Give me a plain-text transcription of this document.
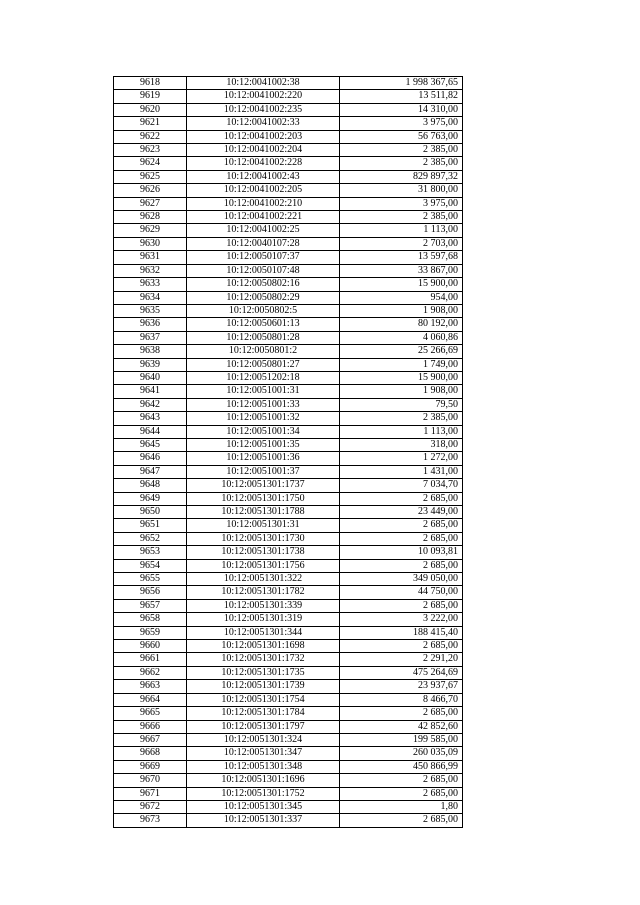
9618	10:12:0041002:38	1 998 367,65
9619	10:12:0041002:220	13 511,82
9620	10:12:0041002:235	14 310,00
9621	10:12:0041002:33	3 975,00
9622	10:12:0041002:203	56 763,00
9623	10:12:0041002:204	2 385,00
9624	10:12:0041002:228	2 385,00
9625	10:12:0041002:43	829 897,32
9626	10:12:0041002:205	31 800,00
9627	10:12:0041002:210	3 975,00
9628	10:12:0041002:221	2 385,00
9629	10:12:0041002:25	1 113,00
9630	10:12:0040107:28	2 703,00
9631	10:12:0050107:37	13 597,68
9632	10:12:0050107:48	33 867,00
9633	10:12:0050802:16	15 900,00
9634	10:12:0050802:29	954,00
9635	10:12:0050802:5	1 908,00
9636	10:12:0050601:13	80 192,00
9637	10:12:0050801:28	4 060,86
9638	10:12:0050801:2	25 266,69
9639	10:12:0050801:27	1 749,00
9640	10:12:0051202:18	15 900,00
9641	10:12:0051001:31	1 908,00
9642	10:12:0051001:33	79,50
9643	10:12:0051001:32	2 385,00
9644	10:12:0051001:34	1 113,00
9645	10:12:0051001:35	318,00
9646	10:12:0051001:36	1 272,00
9647	10:12:0051001:37	1 431,00
9648	10:12:0051301:1737	7 034,70
9649	10:12:0051301:1750	2 685,00
9650	10:12:0051301:1788	23 449,00
9651	10:12:0051301:31	2 685,00
9652	10:12:0051301:1730	2 685,00
9653	10:12:0051301:1738	10 093,81
9654	10:12:0051301:1756	2 685,00
9655	10:12:0051301:322	349 050,00
9656	10:12:0051301:1782	44 750,00
9657	10:12:0051301:339	2 685,00
9658	10:12:0051301:319	3 222,00
9659	10:12:0051301:344	188 415,40
9660	10:12:0051301:1698	2 685,00
9661	10:12:0051301:1732	2 291,20
9662	10:12:0051301:1735	475 264,69
9663	10:12:0051301:1739	23 937,67
9664	10:12:0051301:1754	8 466,70
9665	10:12:0051301:1784	2 685,00
9666	10:12:0051301:1797	42 852,60
9667	10:12:0051301:324	199 585,00
9668	10:12:0051301:347	260 035,09
9669	10:12:0051301:348	450 866,99
9670	10:12:0051301:1696	2 685,00
9671	10:12:0051301:1752	2 685,00
9672	10:12:0051301:345	1,80
9673	10:12:0051301:337	2 685,00
